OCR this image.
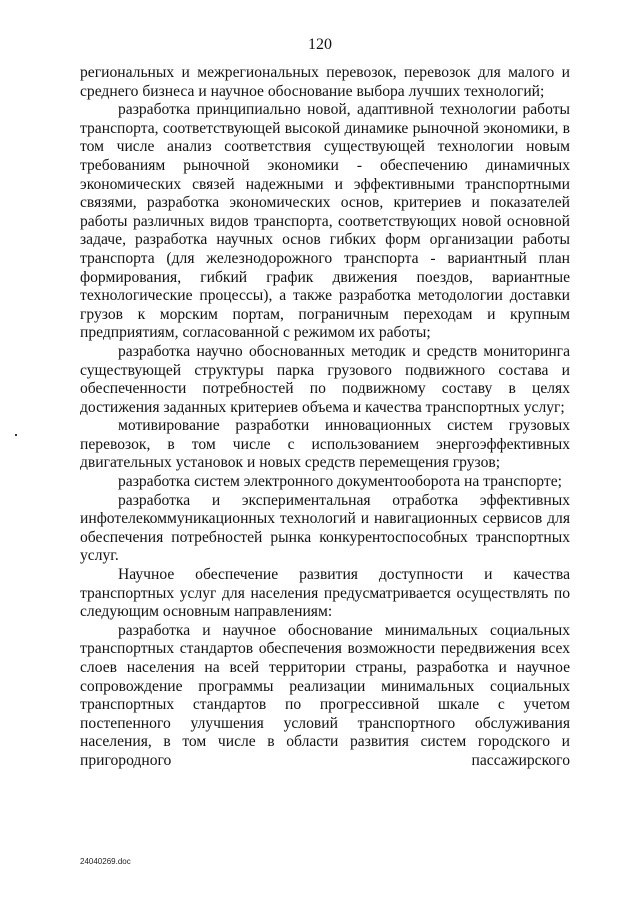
120

региональных и межрегиональных перевозок, перевозок для малого и среднего бизнеса и научное обоснование выбора лучших технологий;

разработка принципиально новой, адаптивной технологии работы транспорта, соответствующей высокой динамике рыночной экономики, в том числе анализ соответствия существующей технологии новым требованиям рыночной экономики - обеспечению динамичных экономических связей надежными и эффективными транспортными связями, разработка экономических основ, критериев и показателей работы различных видов транспорта, соответствующих новой основной задаче, разработка научных основ гибких форм организации работы транспорта (для железнодорожного транспорта - вариантный план формирования, гибкий график движения поездов, вариантные технологические процессы), а также разработка методологии доставки грузов к морским портам, пограничным переходам и крупным предприятиям, согласованной с режимом их работы;

разработка научно обоснованных методик и средств мониторинга существующей структуры парка грузового подвижного состава и обеспеченности потребностей по подвижному составу в целях достижения заданных критериев объема и качества транспортных услуг;

мотивирование разработки инновационных систем грузовых перевозок, в том числе с использованием энергоэффективных двигательных установок и новых средств перемещения грузов;

разработка систем электронного документооборота на транспорте;

разработка и экспериментальная отработка эффективных инфотелекоммуникационных технологий и навигационных сервисов для обеспечения потребностей рынка конкурентоспособных транспортных услуг.

Научное обеспечение развития доступности и качества транспортных услуг для населения предусматривается осуществлять по следующим основным направлениям:

разработка и научное обоснование минимальных социальных транспортных стандартов обеспечения возможности передвижения всех слоев населения на всей территории страны, разработка и научное сопровождение программы реализации минимальных социальных транспортных стандартов по прогрессивной шкале с учетом постепенного улучшения условий транспортного обслуживания населения, в том числе в области развития систем городского и пригородного пассажирского

24040269.doc
